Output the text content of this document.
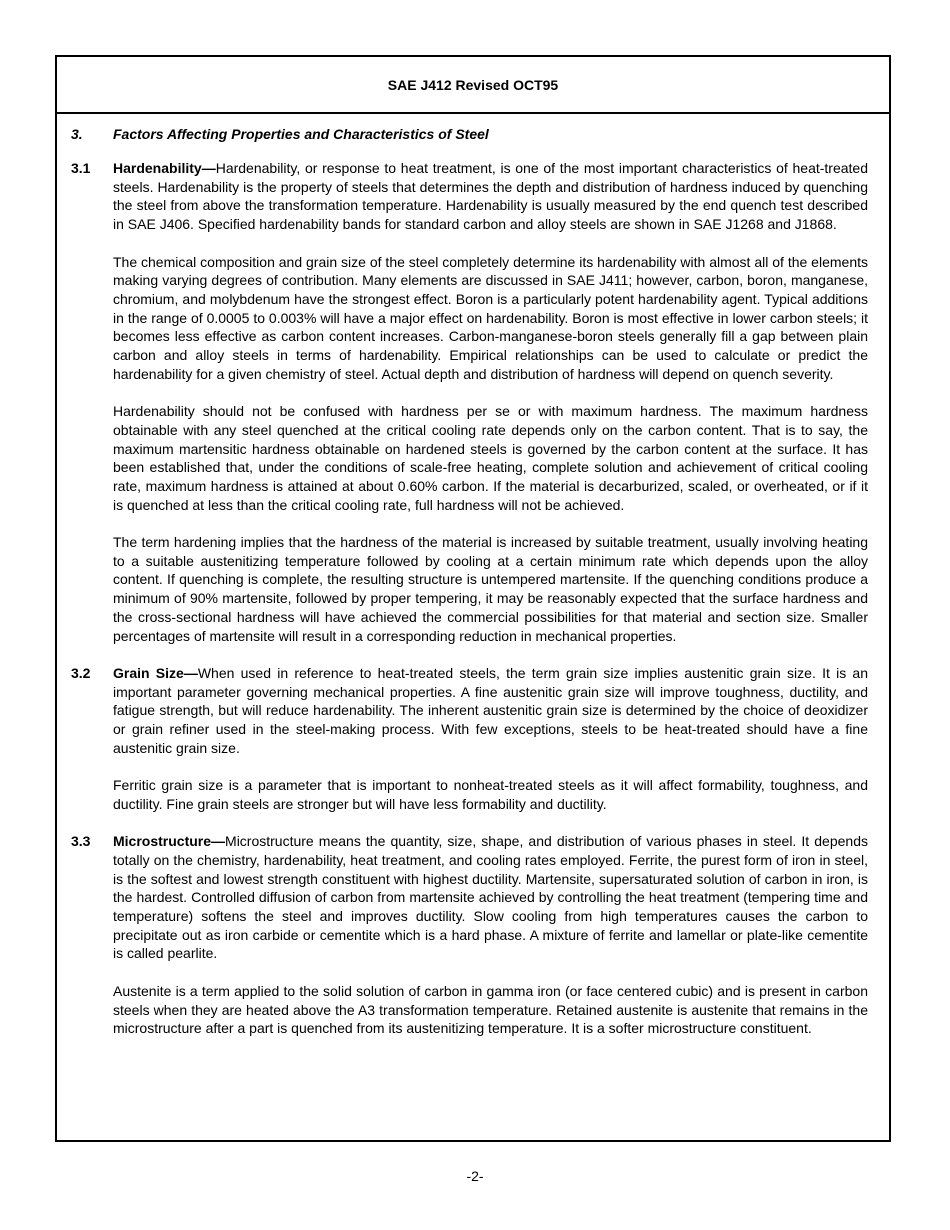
SAE J412 Revised OCT95
3.	Factors Affecting Properties and Characteristics of Steel
3.1	Hardenability—Hardenability, or response to heat treatment, is one of the most important characteristics of heat-treated steels. Hardenability is the property of steels that determines the depth and distribution of hardness induced by quenching the steel from above the transformation temperature. Hardenability is usually measured by the end quench test described in SAE J406. Specified hardenability bands for standard carbon and alloy steels are shown in SAE J1268 and J1868.

The chemical composition and grain size of the steel completely determine its hardenability with almost all of the elements making varying degrees of contribution. Many elements are discussed in SAE J411; however, carbon, boron, manganese, chromium, and molybdenum have the strongest effect. Boron is a particularly potent hardenability agent. Typical additions in the range of 0.0005 to 0.003% will have a major effect on hardenability. Boron is most effective in lower carbon steels; it becomes less effective as carbon content increases. Carbon-manganese-boron steels generally fill a gap between plain carbon and alloy steels in terms of hardenability. Empirical relationships can be used to calculate or predict the hardenability for a given chemistry of steel. Actual depth and distribution of hardness will depend on quench severity.

Hardenability should not be confused with hardness per se or with maximum hardness. The maximum hardness obtainable with any steel quenched at the critical cooling rate depends only on the carbon content. That is to say, the maximum martensitic hardness obtainable on hardened steels is governed by the carbon content at the surface. It has been established that, under the conditions of scale-free heating, complete solution and achievement of critical cooling rate, maximum hardness is attained at about 0.60% carbon. If the material is decarburized, scaled, or overheated, or if it is quenched at less than the critical cooling rate, full hardness will not be achieved.

The term hardening implies that the hardness of the material is increased by suitable treatment, usually involving heating to a suitable austenitizing temperature followed by cooling at a certain minimum rate which depends upon the alloy content. If quenching is complete, the resulting structure is untempered martensite. If the quenching conditions produce a minimum of 90% martensite, followed by proper tempering, it may be reasonably expected that the surface hardness and the cross-sectional hardness will have achieved the commercial possibilities for that material and section size. Smaller percentages of martensite will result in a corresponding reduction in mechanical properties.

3.2	Grain Size—When used in reference to heat-treated steels, the term grain size implies austenitic grain size. It is an important parameter governing mechanical properties. A fine austenitic grain size will improve toughness, ductility, and fatigue strength, but will reduce hardenability. The inherent austenitic grain size is determined by the choice of deoxidizer or grain refiner used in the steel-making process. With few exceptions, steels to be heat-treated should have a fine austenitic grain size.

Ferritic grain size is a parameter that is important to nonheat-treated steels as it will affect formability, toughness, and ductility. Fine grain steels are stronger but will have less formability and ductility.

3.3	Microstructure—Microstructure means the quantity, size, shape, and distribution of various phases in steel. It depends totally on the chemistry, hardenability, heat treatment, and cooling rates employed. Ferrite, the purest form of iron in steel, is the softest and lowest strength constituent with highest ductility. Martensite, supersaturated solution of carbon in iron, is the hardest. Controlled diffusion of carbon from martensite achieved by controlling the heat treatment (tempering time and temperature) softens the steel and improves ductility. Slow cooling from high temperatures causes the carbon to precipitate out as iron carbide or cementite which is a hard phase. A mixture of ferrite and lamellar or plate-like cementite is called pearlite.

Austenite is a term applied to the solid solution of carbon in gamma iron (or face centered cubic) and is present in carbon steels when they are heated above the A3 transformation temperature. Retained austenite is austenite that remains in the microstructure after a part is quenched from its austenitizing temperature. It is a softer microstructure constituent.

-2-
